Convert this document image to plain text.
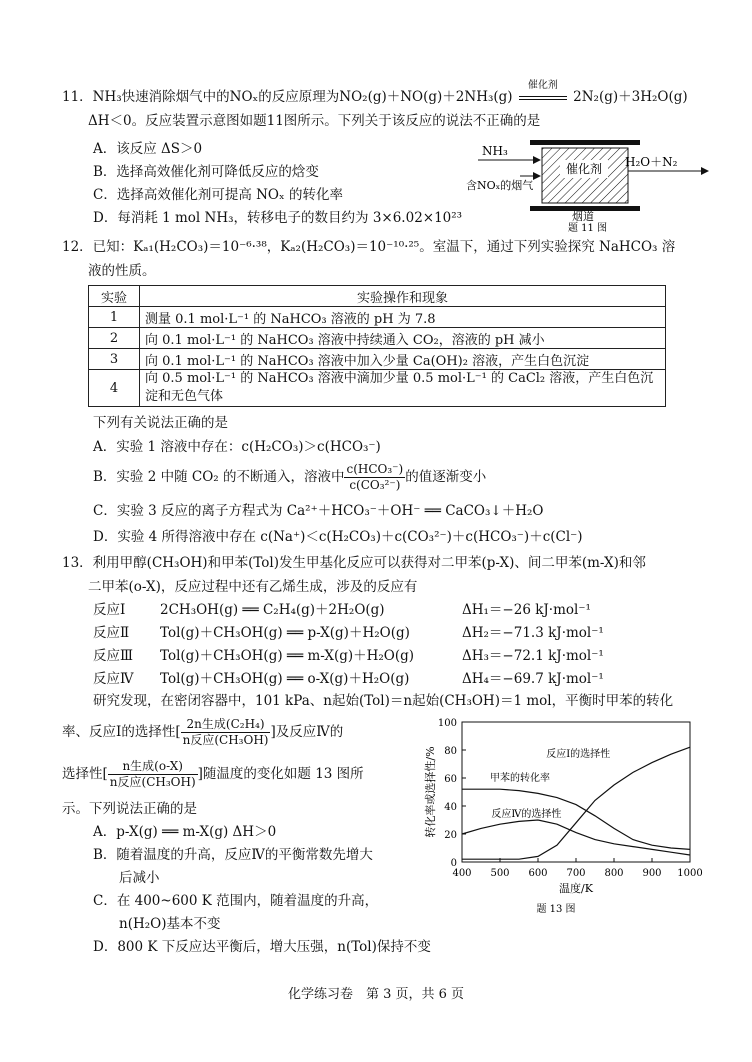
11．NH₃快速消除烟气中的NOₓ的反应原理为NO₂(g)＋NO(g)＋2NH₃(g)
催化剂
2N₂(g)＋3H₂O(g)
ΔH＜0。反应装置示意图如题11图所示。下列关于该反应的说法不正确的是
A．该反应 ΔS＞0
B．选择高效催化剂可降低反应的焓变
C．选择高效催化剂可提高 NOₓ 的转化率
D．每消耗 1 mol NH₃，转移电子的数目约为 3×6.02×10²³
催化剂
NH₃
含NOₓ的烟气
H₂O＋N₂
烟道
题 11 图
12．已知：Kₐ₁(H₂CO₃)＝10⁻⁶·³⁸，Kₐ₂(H₂CO₃)＝10⁻¹⁰·²⁵。室温下，通过下列实验探究 NaHCO₃ 溶
液的性质。
实验	实验操作和现象
1	测量 0.1 mol·L⁻¹ 的 NaHCO₃ 溶液的 pH 为 7.8
2	向 0.1 mol·L⁻¹ 的 NaHCO₃ 溶液中持续通入 CO₂，溶液的 pH 减小
3	向 0.1 mol·L⁻¹ 的 NaHCO₃ 溶液中加入少量 Ca(OH)₂ 溶液，产生白色沉淀
4	向 0.5 mol·L⁻¹ 的 NaHCO₃ 溶液中滴加少量 0.5 mol·L⁻¹ 的 CaCl₂ 溶液，产生白色沉淀和无色气体
下列有关说法正确的是
A．实验 1 溶液中存在：c(H₂CO₃)＞c(HCO₃⁻)
B．实验 2 中随 CO₂ 的不断通入，溶液中 $\frac{\text{c(HCO₃⁻)}}{\text{c(CO₃²⁻)}}$ 的值逐渐变小
C．实验 3 反应的离子方程式为 Ca²⁺＋HCO₃⁻＋OH⁻ ══ CaCO₃↓＋H₂O
D．实验 4 所得溶液中存在 c(Na⁺)＜c(H₂CO₃)＋c(CO₃²⁻)＋c(HCO₃⁻)＋c(Cl⁻)
13．利用甲醇(CH₃OH)和甲苯(Tol)发生甲基化反应可以获得对二甲苯(p-X)、间二甲苯(m-X)和邻
二甲苯(o-X)，反应过程中还有乙烯生成，涉及的反应有
反应Ⅰ	2CH₃OH(g) ══ C₂H₄(g)＋2H₂O(g)	ΔH₁＝−26 kJ·mol⁻¹
反应Ⅱ Tol(g)＋CH₃OH(g) ══ p-X(g)＋H₂O(g)	ΔH₂＝−71.3 kJ·mol⁻¹
反应Ⅲ Tol(g)＋CH₃OH(g) ══ m-X(g)＋H₂O(g)	ΔH₃＝−72.1 kJ·mol⁻¹
反应Ⅳ Tol(g)＋CH₃OH(g) ══ o-X(g)＋H₂O(g)	ΔH₄＝−69.7 kJ·mol⁻¹
研究发现，在密闭容器中，101 kPa、n起始(Tol)＝n起始(CH₃OH)＝1 mol，平衡时甲苯的转化
率、反应Ⅰ的选择性[ $\frac{\text{2n生成(C₂H₄)}}{\text{n反应(CH₃OH)}}$ ]及反应Ⅳ的
选择性[ $\frac{\text{n生成(o-X)}}{\text{n反应(CH₃OH)}}$ ]随温度的变化如题 13 图所
示。下列说法正确的是
A．p-X(g) ══ m-X(g) ΔH＞0
B．随着温度的升高，反应Ⅳ的平衡常数先增大
后减小
C．在 400~600 K 范围内，随着温度的升高，
n(H₂O)基本不变
D．800 K 下反应达平衡后，增大压强，n(Tol)保持不变
400 500 600 700 800 900 1000
0
20
40
60
80
100
温度/K
转化率或选择性/%
题 13 图
甲苯的转化率
反应Ⅰ的选择性
反应Ⅳ的选择性
化学练习卷　第 3 页，共 6 页
